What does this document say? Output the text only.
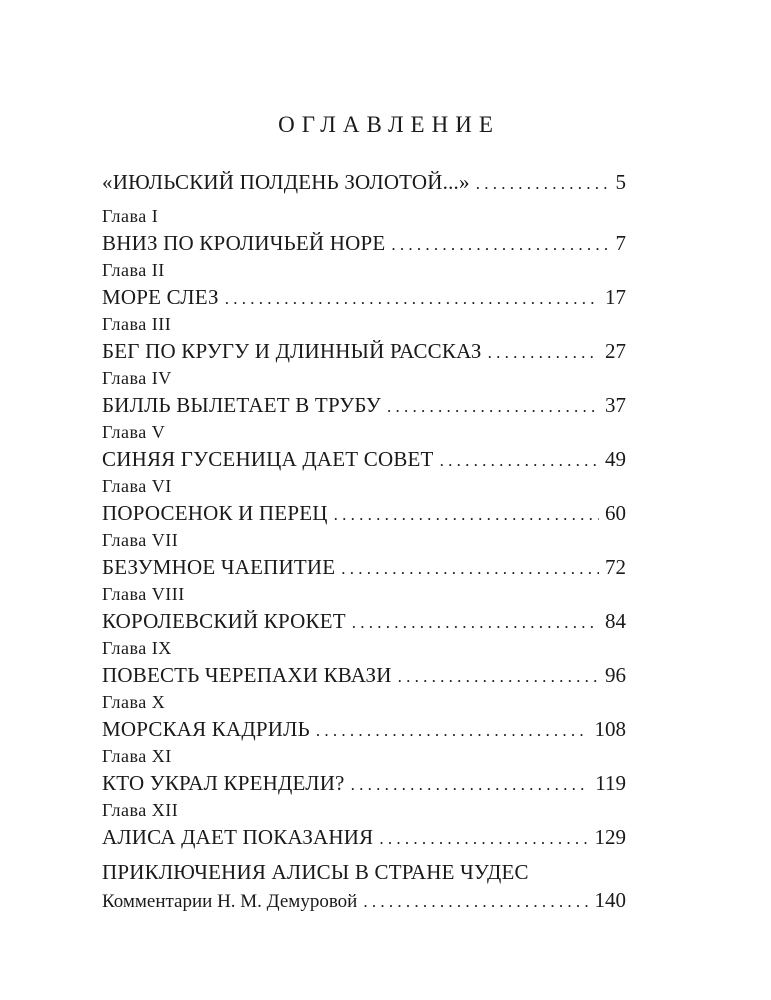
ОГЛАВЛЕНИЕ
«ИЮЛЬСКИЙ ПОЛДЕНЬ ЗОЛОТОЙ...» . . .	5
Глава I
ВНИЗ ПО КРОЛИЧЬЕЙ НОРЕ . . .	7
Глава II
МОРЕ СЛЕЗ . . .	17
Глава III
БЕГ ПО КРУГУ И ДЛИННЫЙ РАССКАЗ . . .	27
Глава IV
БИЛЛЬ ВЫЛЕТАЕТ В ТРУБУ . . .	37
Глава V
СИНЯЯ ГУСЕНИЦА ДАЕТ СОВЕТ . . .	49
Глава VI
ПОРОСЕНОК И ПЕРЕЦ . . .	60
Глава VII
БЕЗУМНОЕ ЧАЕПИТИЕ . . .	72
Глава VIII
КОРОЛЕВСКИЙ КРОКЕТ . . .	84
Глава IX
ПОВЕСТЬ ЧЕРЕПАХИ КВАЗИ . . .	96
Глава X
МОРСКАЯ КАДРИЛЬ . . .	108
Глава XI
КТО УКРАЛ КРЕНДЕЛИ? . . .	119
Глава XII
АЛИСА ДАЕТ ПОКАЗАНИЯ . . .	129
ПРИКЛЮЧЕНИЯ АЛИСЫ В СТРАНЕ ЧУДЕС
Комментарии Н. М. Демуровой . . .	140
